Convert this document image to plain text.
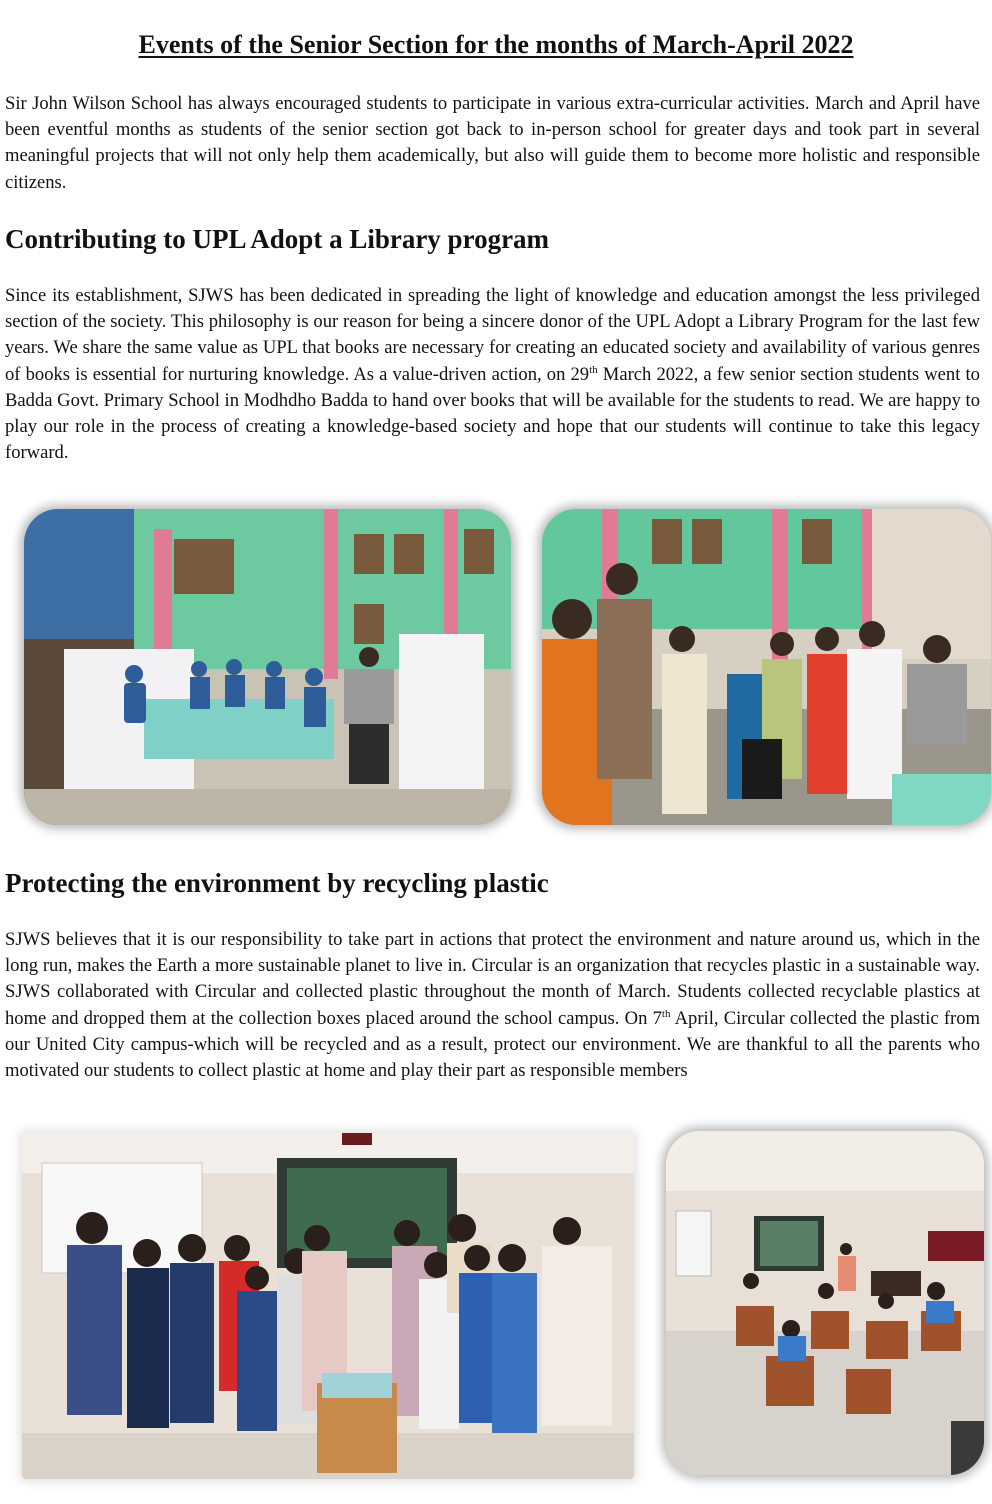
Events of the Senior Section for the months of March-April 2022

Sir John Wilson School has always encouraged students to participate in various extra-curricular activities. March and April have been eventful months as students of the senior section got back to in-person school for greater days and took part in several meaningful projects that will not only help them academically, but also will guide them to become more holistic and responsible citizens.

Contributing to UPL Adopt a Library program

Since its establishment, SJWS has been dedicated in spreading the light of knowledge and education amongst the less privileged section of the society. This philosophy is our reason for being a sincere donor of the UPL Adopt a Library Program for the last few years. We share the same value as UPL that books are necessary for creating an educated society and availability of various genres of books is essential for nurturing knowledge. As a value-driven action, on 29th March 2022, a few senior section students went to Badda Govt. Primary School in Modhdho Badda to hand over books that will be available for the students to read. We are happy to play our role in the process of creating a knowledge-based society and hope that our students will continue to take this legacy forward.

Protecting the environment by recycling plastic

SJWS believes that it is our responsibility to take part in actions that protect the environment and nature around us, which in the long run, makes the Earth a more sustainable planet to live in. Circular is an organization that recycles plastic in a sustainable way. SJWS collaborated with Circular and collected plastic throughout the month of March. Students collected recyclable plastics at home and dropped them at the collection boxes placed around the school campus. On 7th April, Circular collected the plastic from our United City campus-which will be recycled and as a result, protect our environment. We are thankful to all the parents who motivated our students to collect plastic at home and play their part as responsible members
